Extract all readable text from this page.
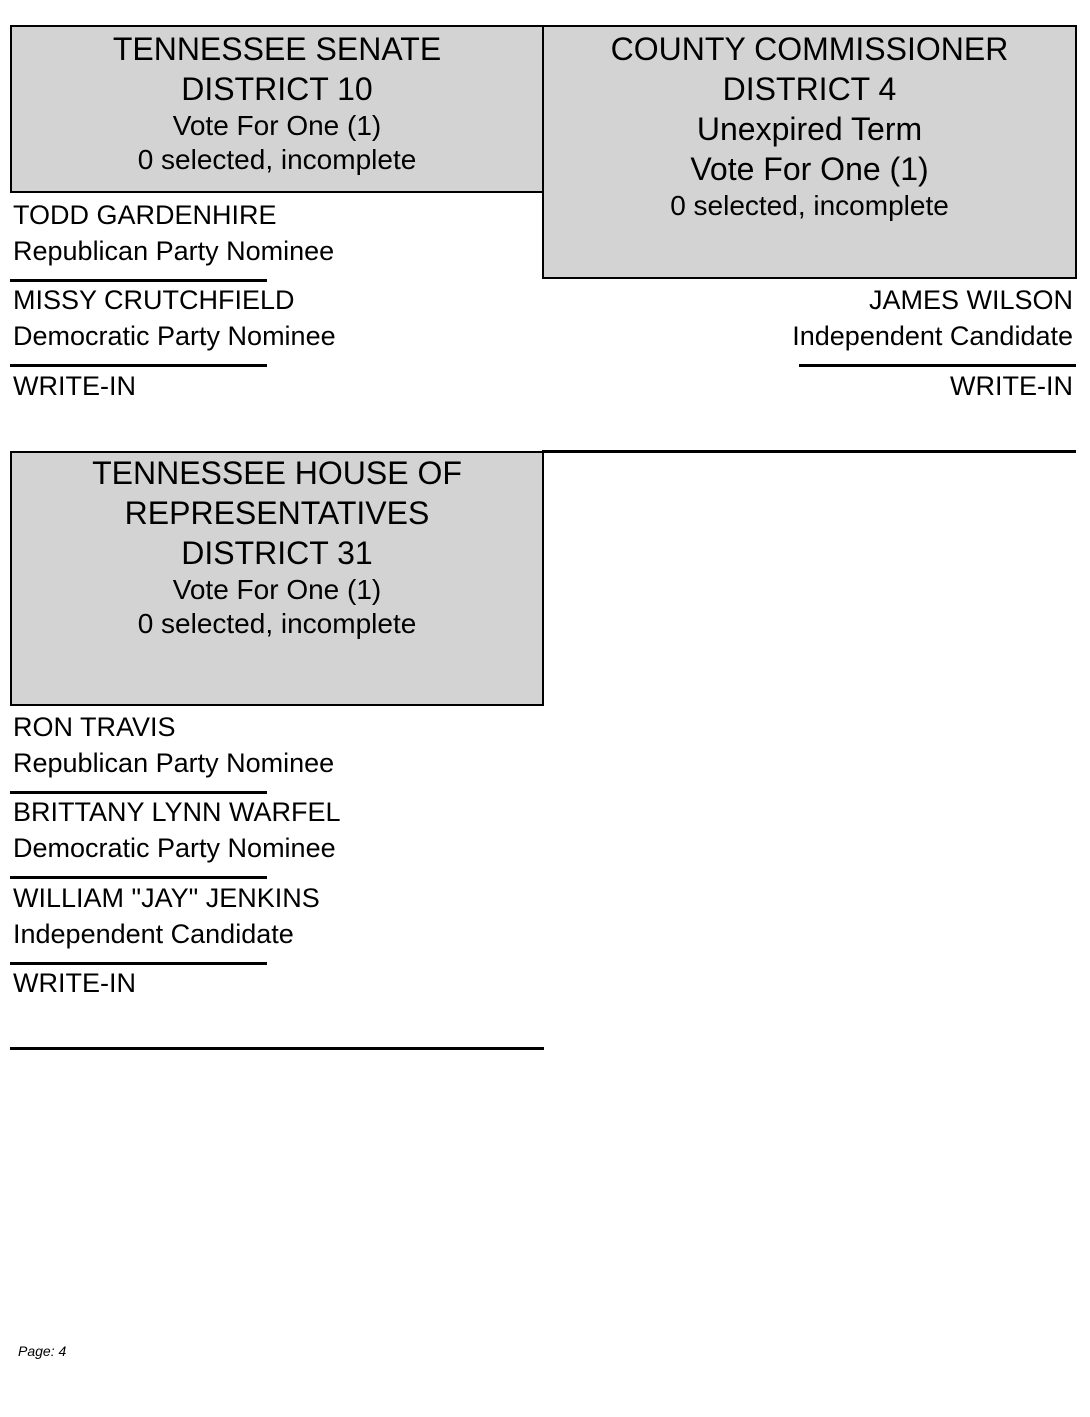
TENNESSEE SENATE
DISTRICT 10
Vote For One (1)
0 selected, incomplete
TODD GARDENHIRE
Republican Party Nominee
MISSY CRUTCHFIELD
Democratic Party Nominee
WRITE-IN
COUNTY COMMISSIONER
DISTRICT 4
Unexpired Term
Vote For One (1)
0 selected, incomplete
JAMES WILSON
Independent Candidate
WRITE-IN
TENNESSEE HOUSE OF
REPRESENTATIVES
DISTRICT 31
Vote For One (1)
0 selected, incomplete
RON TRAVIS
Republican Party Nominee
BRITTANY LYNN WARFEL
Democratic Party Nominee
WILLIAM "JAY" JENKINS
Independent Candidate
WRITE-IN
Page: 4
